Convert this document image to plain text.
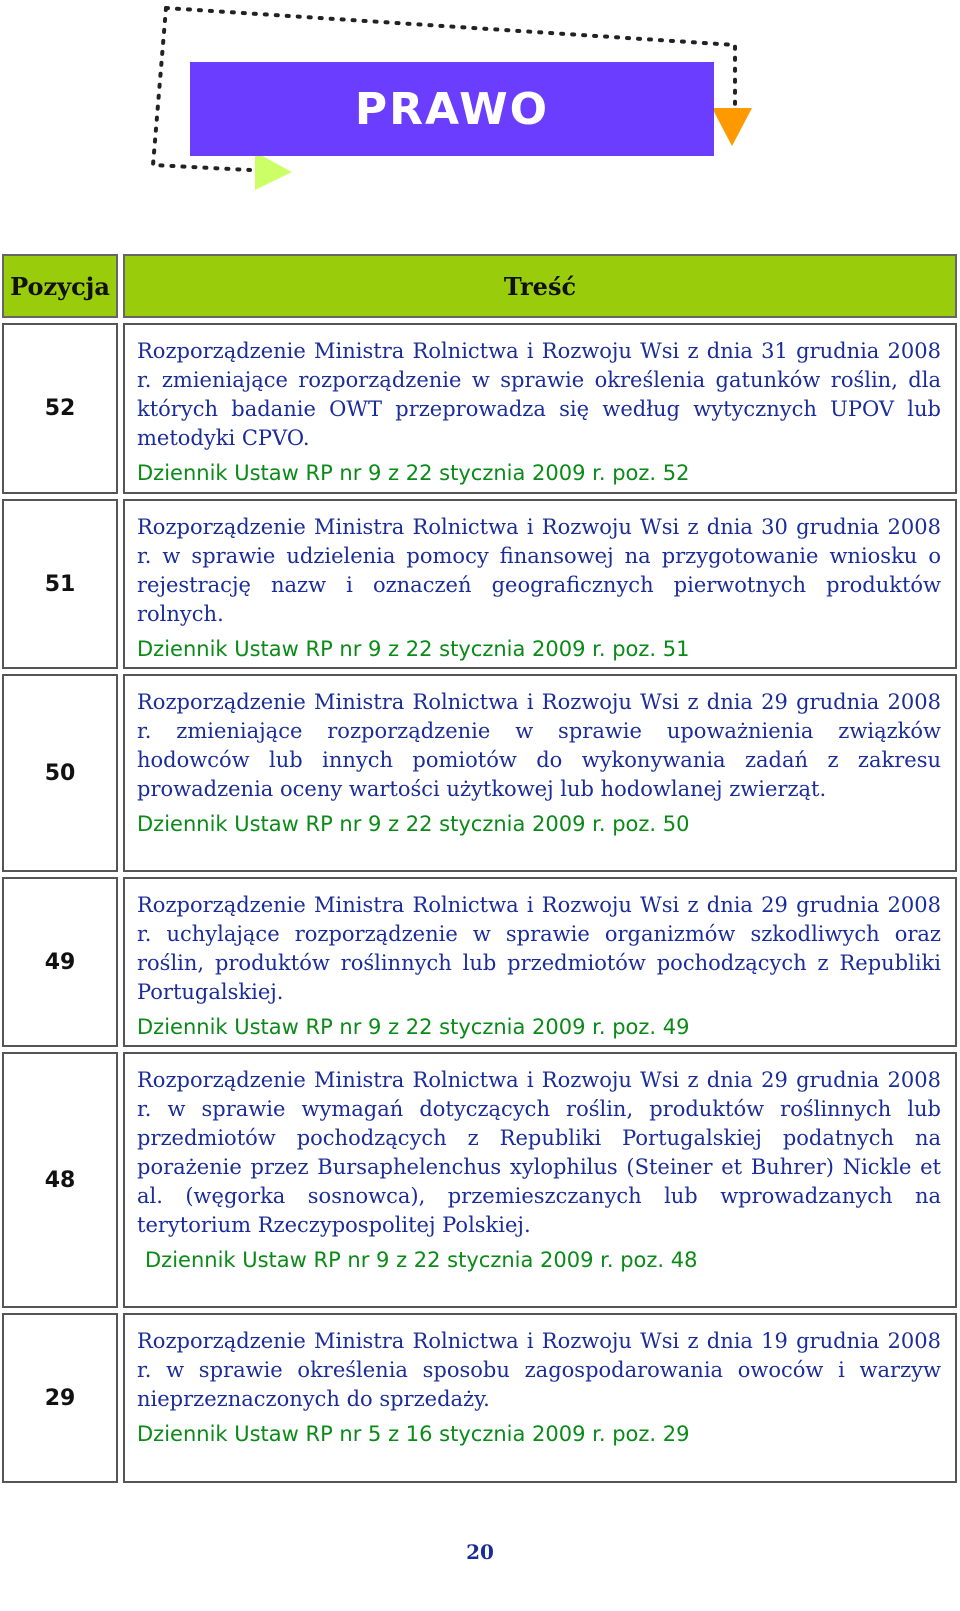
PRAWO
Pozycja	Treść
52

Rozporządzenie Ministra Rolnictwa i Rozwoju Wsi z dnia 31 grudnia 2008 r. zmieniające rozporządzenie w sprawie określenia gatunków roślin, dla których badanie OWT przeprowadza się według wytycznych UPOV lub metodyki CPVO.

Dziennik Ustaw RP nr 9 z 22 stycznia 2009 r. poz. 52
51

Rozporządzenie Ministra Rolnictwa i Rozwoju Wsi z dnia 30 grudnia 2008 r. w sprawie udzielenia pomocy finansowej na przygotowanie wniosku o rejestrację nazw i oznaczeń geograficznych pierwotnych produktów rolnych.

Dziennik Ustaw RP nr 9 z 22 stycznia 2009 r. poz. 51
50

Rozporządzenie Ministra Rolnictwa i Rozwoju Wsi z dnia 29 grudnia 2008 r. zmieniające rozporządzenie w sprawie upoważnienia związków hodowców lub innych pomiotów do wykonywania zadań z zakresu prowadzenia oceny wartości użytkowej lub hodowlanej zwierząt.

Dziennik Ustaw RP nr 9 z 22 stycznia 2009 r. poz. 50
49

Rozporządzenie Ministra Rolnictwa i Rozwoju Wsi z dnia 29 grudnia 2008 r. uchylające rozporządzenie w sprawie organizmów szkodliwych oraz roślin, produktów roślinnych lub przedmiotów pochodzących z Republiki Portugalskiej.

Dziennik Ustaw RP nr 9 z 22 stycznia 2009 r. poz. 49
48

Rozporządzenie Ministra Rolnictwa i Rozwoju Wsi z dnia 29 grudnia 2008 r. w sprawie wymagań dotyczących roślin, produktów roślinnych lub przedmiotów pochodzących z Republiki Portugalskiej podatnych na porażenie przez Bursaphelenchus xylophilus (Steiner et Buhrer) Nickle et al. (węgorka sosnowca), przemieszczanych lub wprowadzanych na terytorium Rzeczypospolitej Polskiej.

Dziennik Ustaw RP nr 9 z 22 stycznia 2009 r. poz. 48
29

Rozporządzenie Ministra Rolnictwa i Rozwoju Wsi z dnia 19 grudnia 2008 r. w sprawie określenia sposobu zagospodarowania owoców i warzyw nieprzeznaczonych do sprzedaży.

Dziennik Ustaw RP nr 5 z 16 stycznia 2009 r. poz. 29
20
